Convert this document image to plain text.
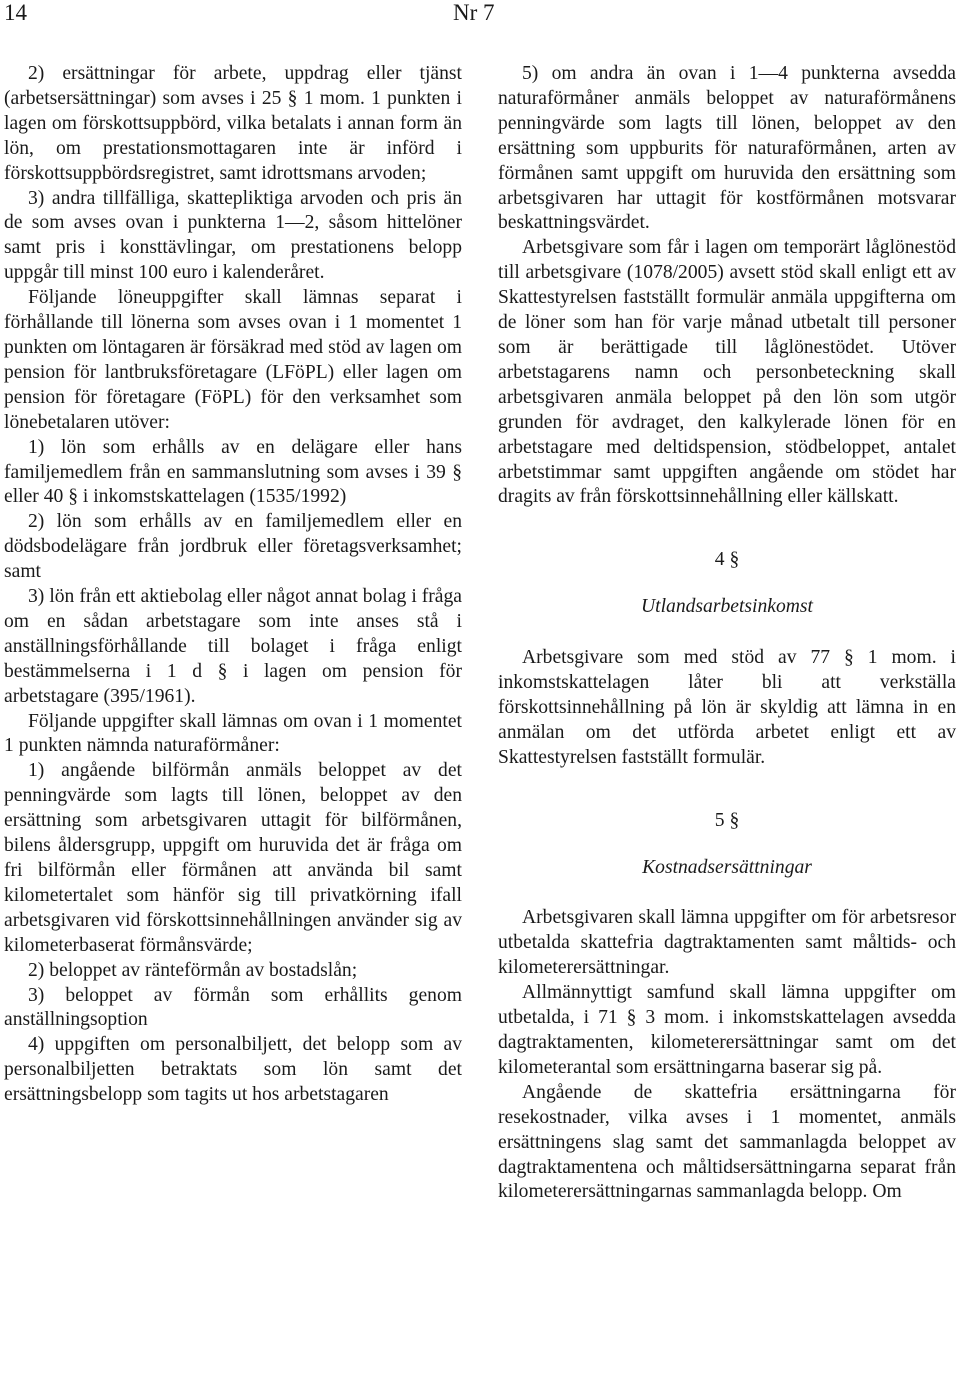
14	Nr 7

2) ersättningar för arbete, uppdrag eller tjänst (arbetsersättningar) som avses i 25 § 1 mom. 1 punkten i lagen om förskottsuppbörd, vilka betalats i annan form än lön, om prestationsmottagaren inte är införd i förskottsuppbördsregistret, samt idrottsmans arvoden;

3) andra tillfälliga, skattepliktiga arvoden och pris än de som avses ovan i punkterna 1—2, såsom hittelöner samt pris i konsttävlingar, om prestationens belopp uppgår till minst 100 euro i kalenderåret.

Följande löneuppgifter skall lämnas separat i förhållande till lönerna som avses ovan i 1 momentet 1 punkten om löntagaren är försäkrad med stöd av lagen om pension för lantbruksföretagare (LFöPL) eller lagen om pension för företagare (FöPL) för den verksamhet som lönebetalaren utöver:

1) lön som erhålls av en delägare eller hans familjemedlem från en sammanslutning som avses i 39 § eller 40 § i inkomstskattelagen (1535/1992)

2) lön som erhålls av en familjemedlem eller en dödsbodelägare från jordbruk eller företagsverksamhet; samt

3) lön från ett aktiebolag eller något annat bolag i fråga om en sådan arbetstagare som inte anses stå i anställningsförhållande till bolaget i fråga enligt bestämmelserna i 1 d § i lagen om pension för arbetstagare (395/1961).

Följande uppgifter skall lämnas om ovan i 1 momentet 1 punkten nämnda naturaförmåner:

1) angående bilförmån anmäls beloppet av det penningvärde som lagts till lönen, beloppet av den ersättning som arbetsgivaren uttagit för bilförmånen, bilens åldersgrupp, uppgift om huruvida det är fråga om fri bilförmån eller förmånen att använda bil samt kilometertalet som hänför sig till privatkörning ifall arbetsgivaren vid förskottsinnehållningen använder sig av kilometerbaserat förmånsvärde;

2) beloppet av ränteförmån av bostadslån;

3) beloppet av förmån som erhållits genom anställningsoption

4) uppgiften om personalbiljett, det belopp som av personalbiljetten betraktats som lön samt det ersättningsbelopp som tagits ut hos arbetstagaren

5) om andra än ovan i 1—4 punkterna avsedda naturaförmåner anmäls beloppet av naturaförmånens penningvärde som lagts till lönen, beloppet av den ersättning som uppburits för naturaförmånen, arten av förmånen samt uppgift om huruvida den ersättning som arbetsgivaren har uttagit för kostförmånen motsvarar beskattningsvärdet.

Arbetsgivare som får i lagen om temporärt låglönestöd till arbetsgivare (1078/2005) avsett stöd skall enligt ett av Skattestyrelsen fastställt formulär anmäla uppgifterna om de löner som han för varje månad utbetalt till personer som är berättigade till låglönestödet. Utöver arbetstagarens namn och personbeteckning skall arbetsgivaren anmäla beloppet på den lön som utgör grunden för avdraget, den kalkylerade lönen för en arbetstagare med deltidspension, stödbeloppet, antalet arbetstimmar samt uppgiften angående om stödet har dragits av från förskottsinnehållning eller källskatt.

4 §

Utlandsarbetsinkomst

Arbetsgivare som med stöd av 77 § 1 mom. i inkomstskattelagen låter bli att verkställa förskottsinnehållning på lön är skyldig att lämna in en anmälan om det utförda arbetet enligt ett av Skattestyrelsen fastställt formulär.

5 §

Kostnadsersättningar

Arbetsgivaren skall lämna uppgifter om för arbetsresor utbetalda skattefria dagtraktamenten samt måltids- och kilometerersättningar.

Allmännyttigt samfund skall lämna uppgifter om utbetalda, i 71 § 3 mom. i inkomstskattelagen avsedda dagtraktamenten, kilometerersättningar samt om det kilometerantal som ersättningarna baserar sig på.

Angående de skattefria ersättningarna för resekostnader, vilka avses i 1 momentet, anmäls ersättningens slag samt det sammanlagda beloppet av dagtraktamentena och måltidsersättningarna separat från kilometerersättningarnas sammanlagda belopp. Om
